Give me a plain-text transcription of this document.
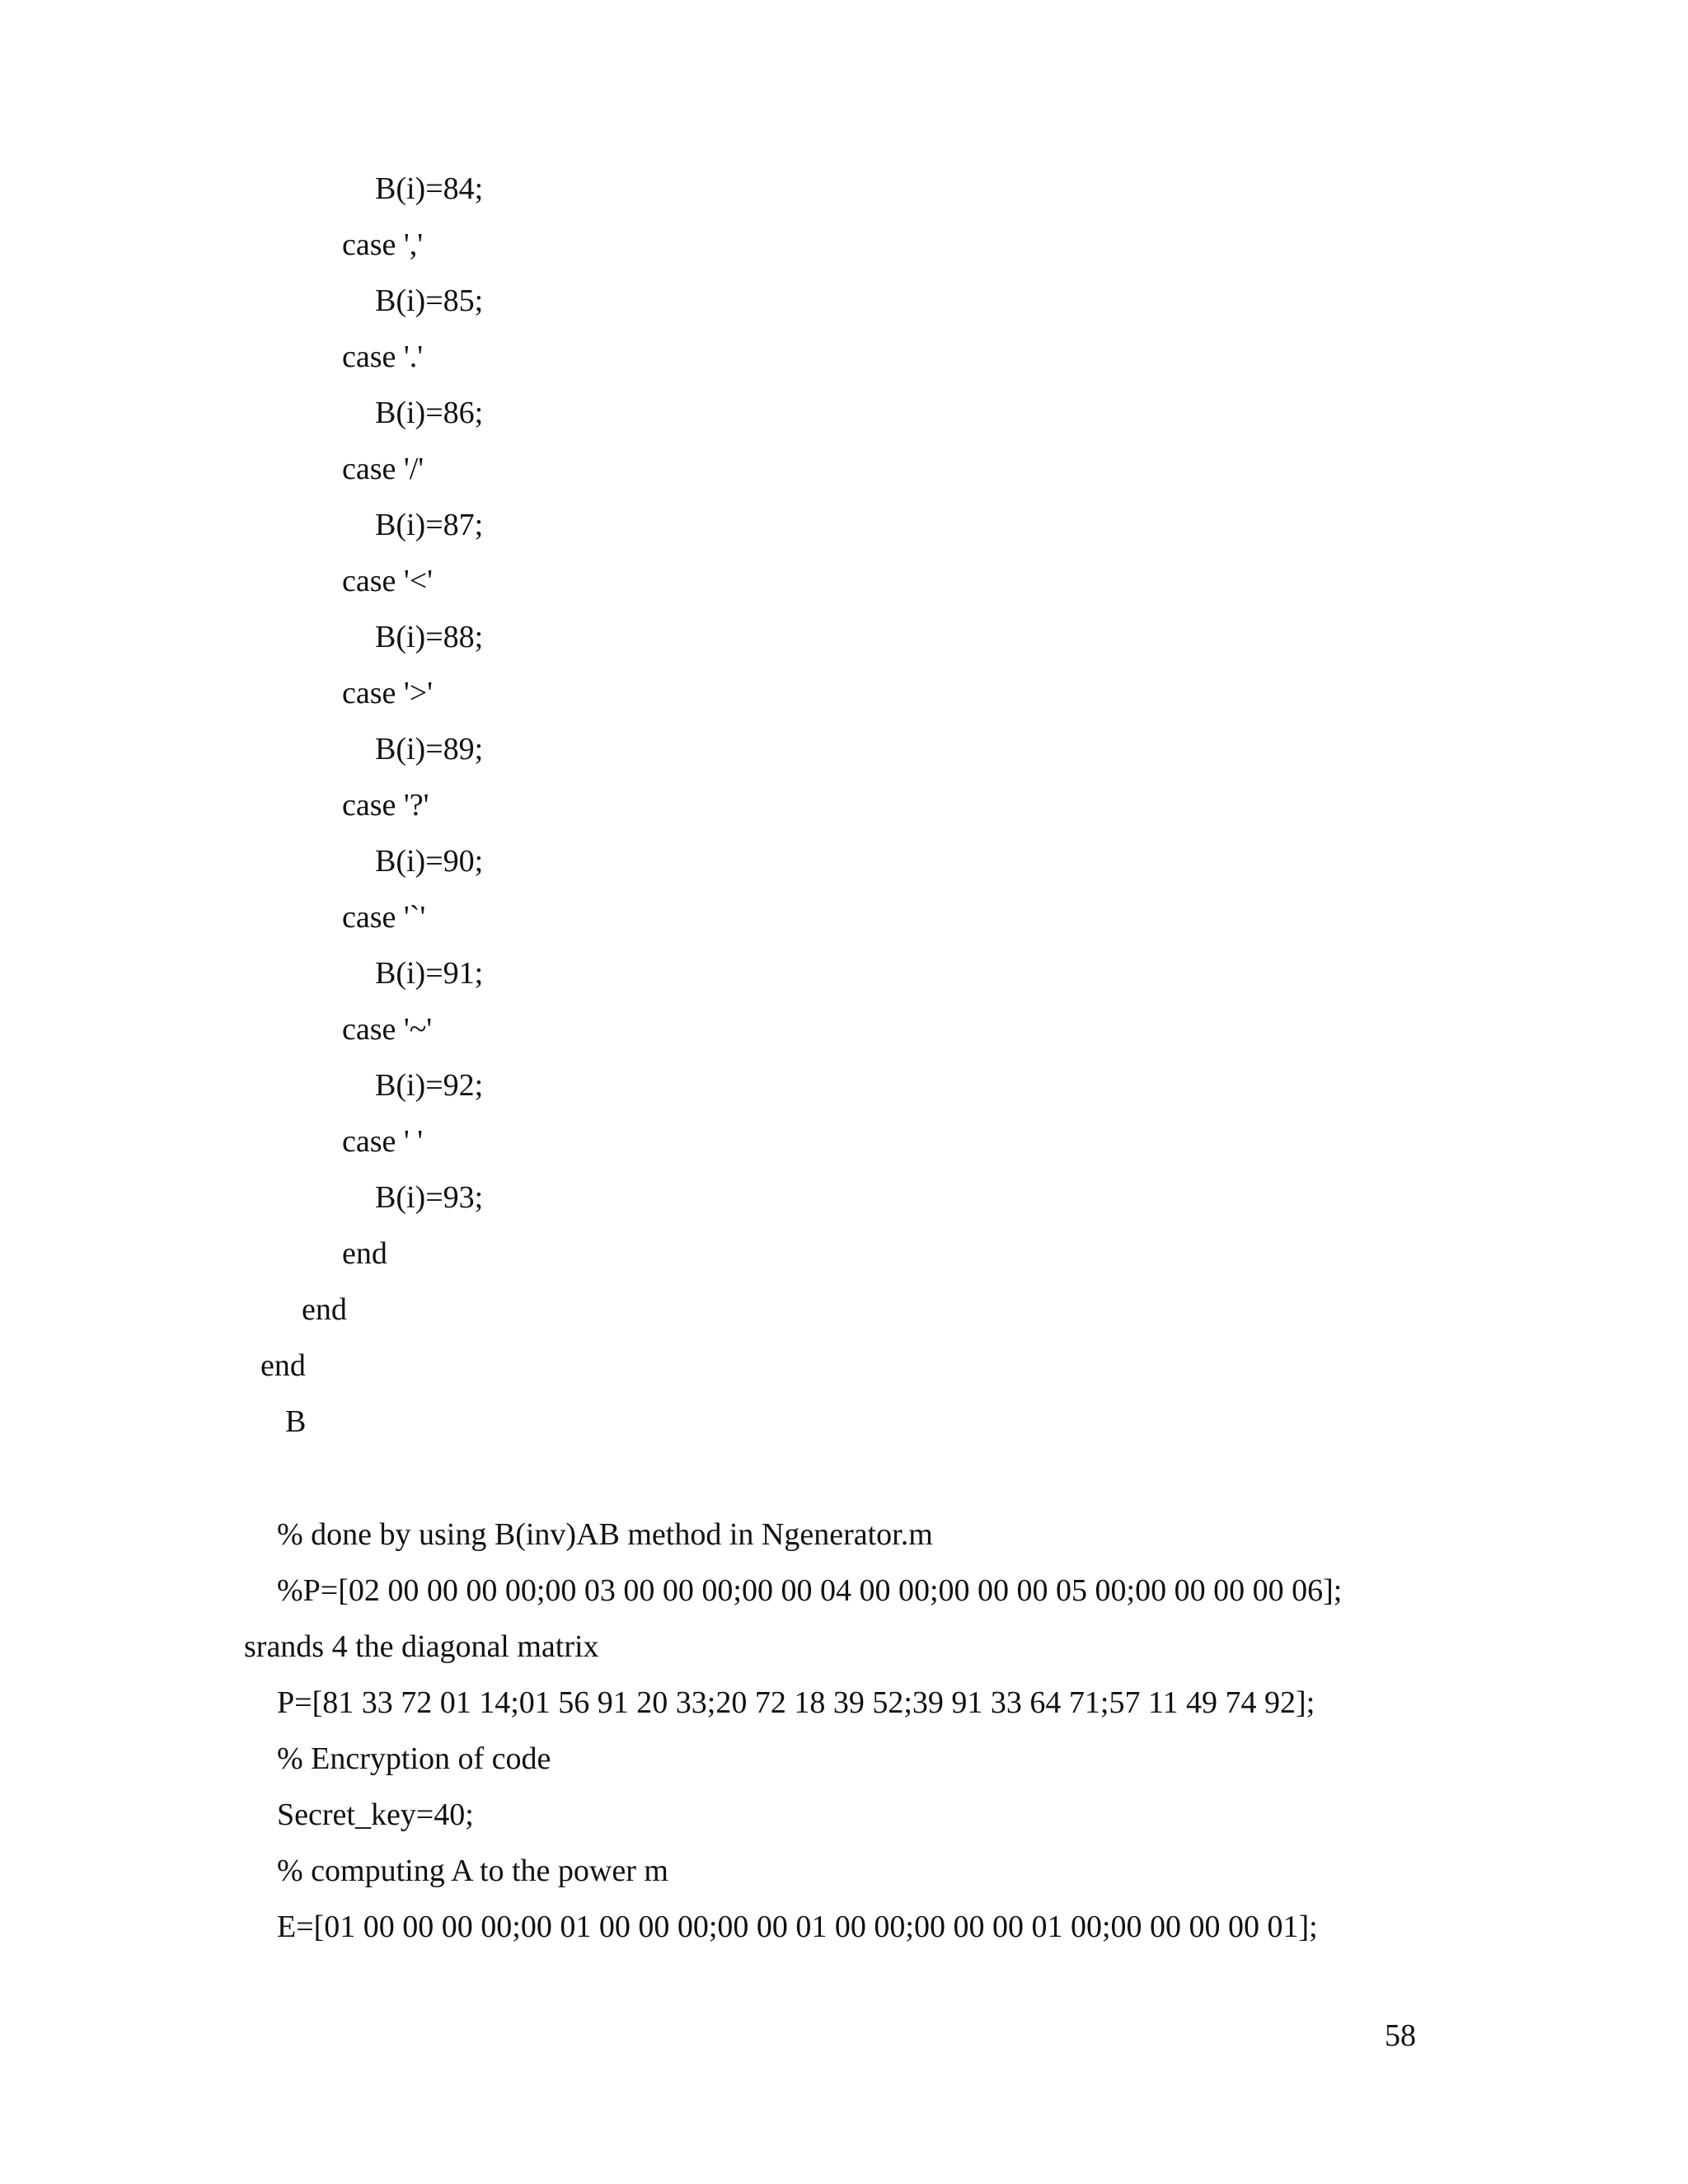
B(i)=84;
case ','
B(i)=85;
case '.'
B(i)=86;
case '/'
B(i)=87;
case '<'
B(i)=88;
case '>'
B(i)=89;
case '?'
B(i)=90;
case '`'
B(i)=91;
case '~'
B(i)=92;
case ' '
B(i)=93;
end
end
end
B
% done by using B(inv)AB method in Ngenerator.m
%P=[02 00 00 00 00;00 03 00 00 00;00 00 04 00 00;00 00 00 05 00;00 00 00 00 06];
srands 4 the diagonal matrix
P=[81 33 72 01 14;01 56 91 20 33;20 72 18 39 52;39 91 33 64 71;57 11 49 74 92];
% Encryption of code
Secret_key=40;
% computing A to the power m
E=[01 00 00 00 00;00 01 00 00 00;00 00 01 00 00;00 00 00 01 00;00 00 00 00 01];
58
